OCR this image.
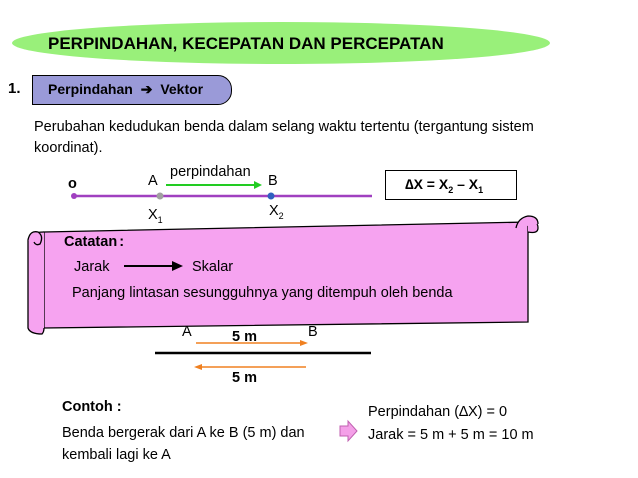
PERPINDAHAN, KECEPATAN DAN PERCEPATAN
1. Perpindahan ➔ Vektor
Perubahan kedudukan benda dalam selang waktu tertentu (tergantung sistem koordinat).
o	A	B
perpindahan
$X_1$
$X_2$
$\Delta X = X_2 - X_1$
Catatan :
Jarak	Skalar
Panjang lintasan sesungguhnya yang ditempuh oleh benda
A	B
5 m
5 m
Contoh :
Benda bergerak dari A ke B (5 m) dan
kembali lagi ke A
Perpindahan (∆X) = 0
Jarak = 5 m + 5 m = 10 m
